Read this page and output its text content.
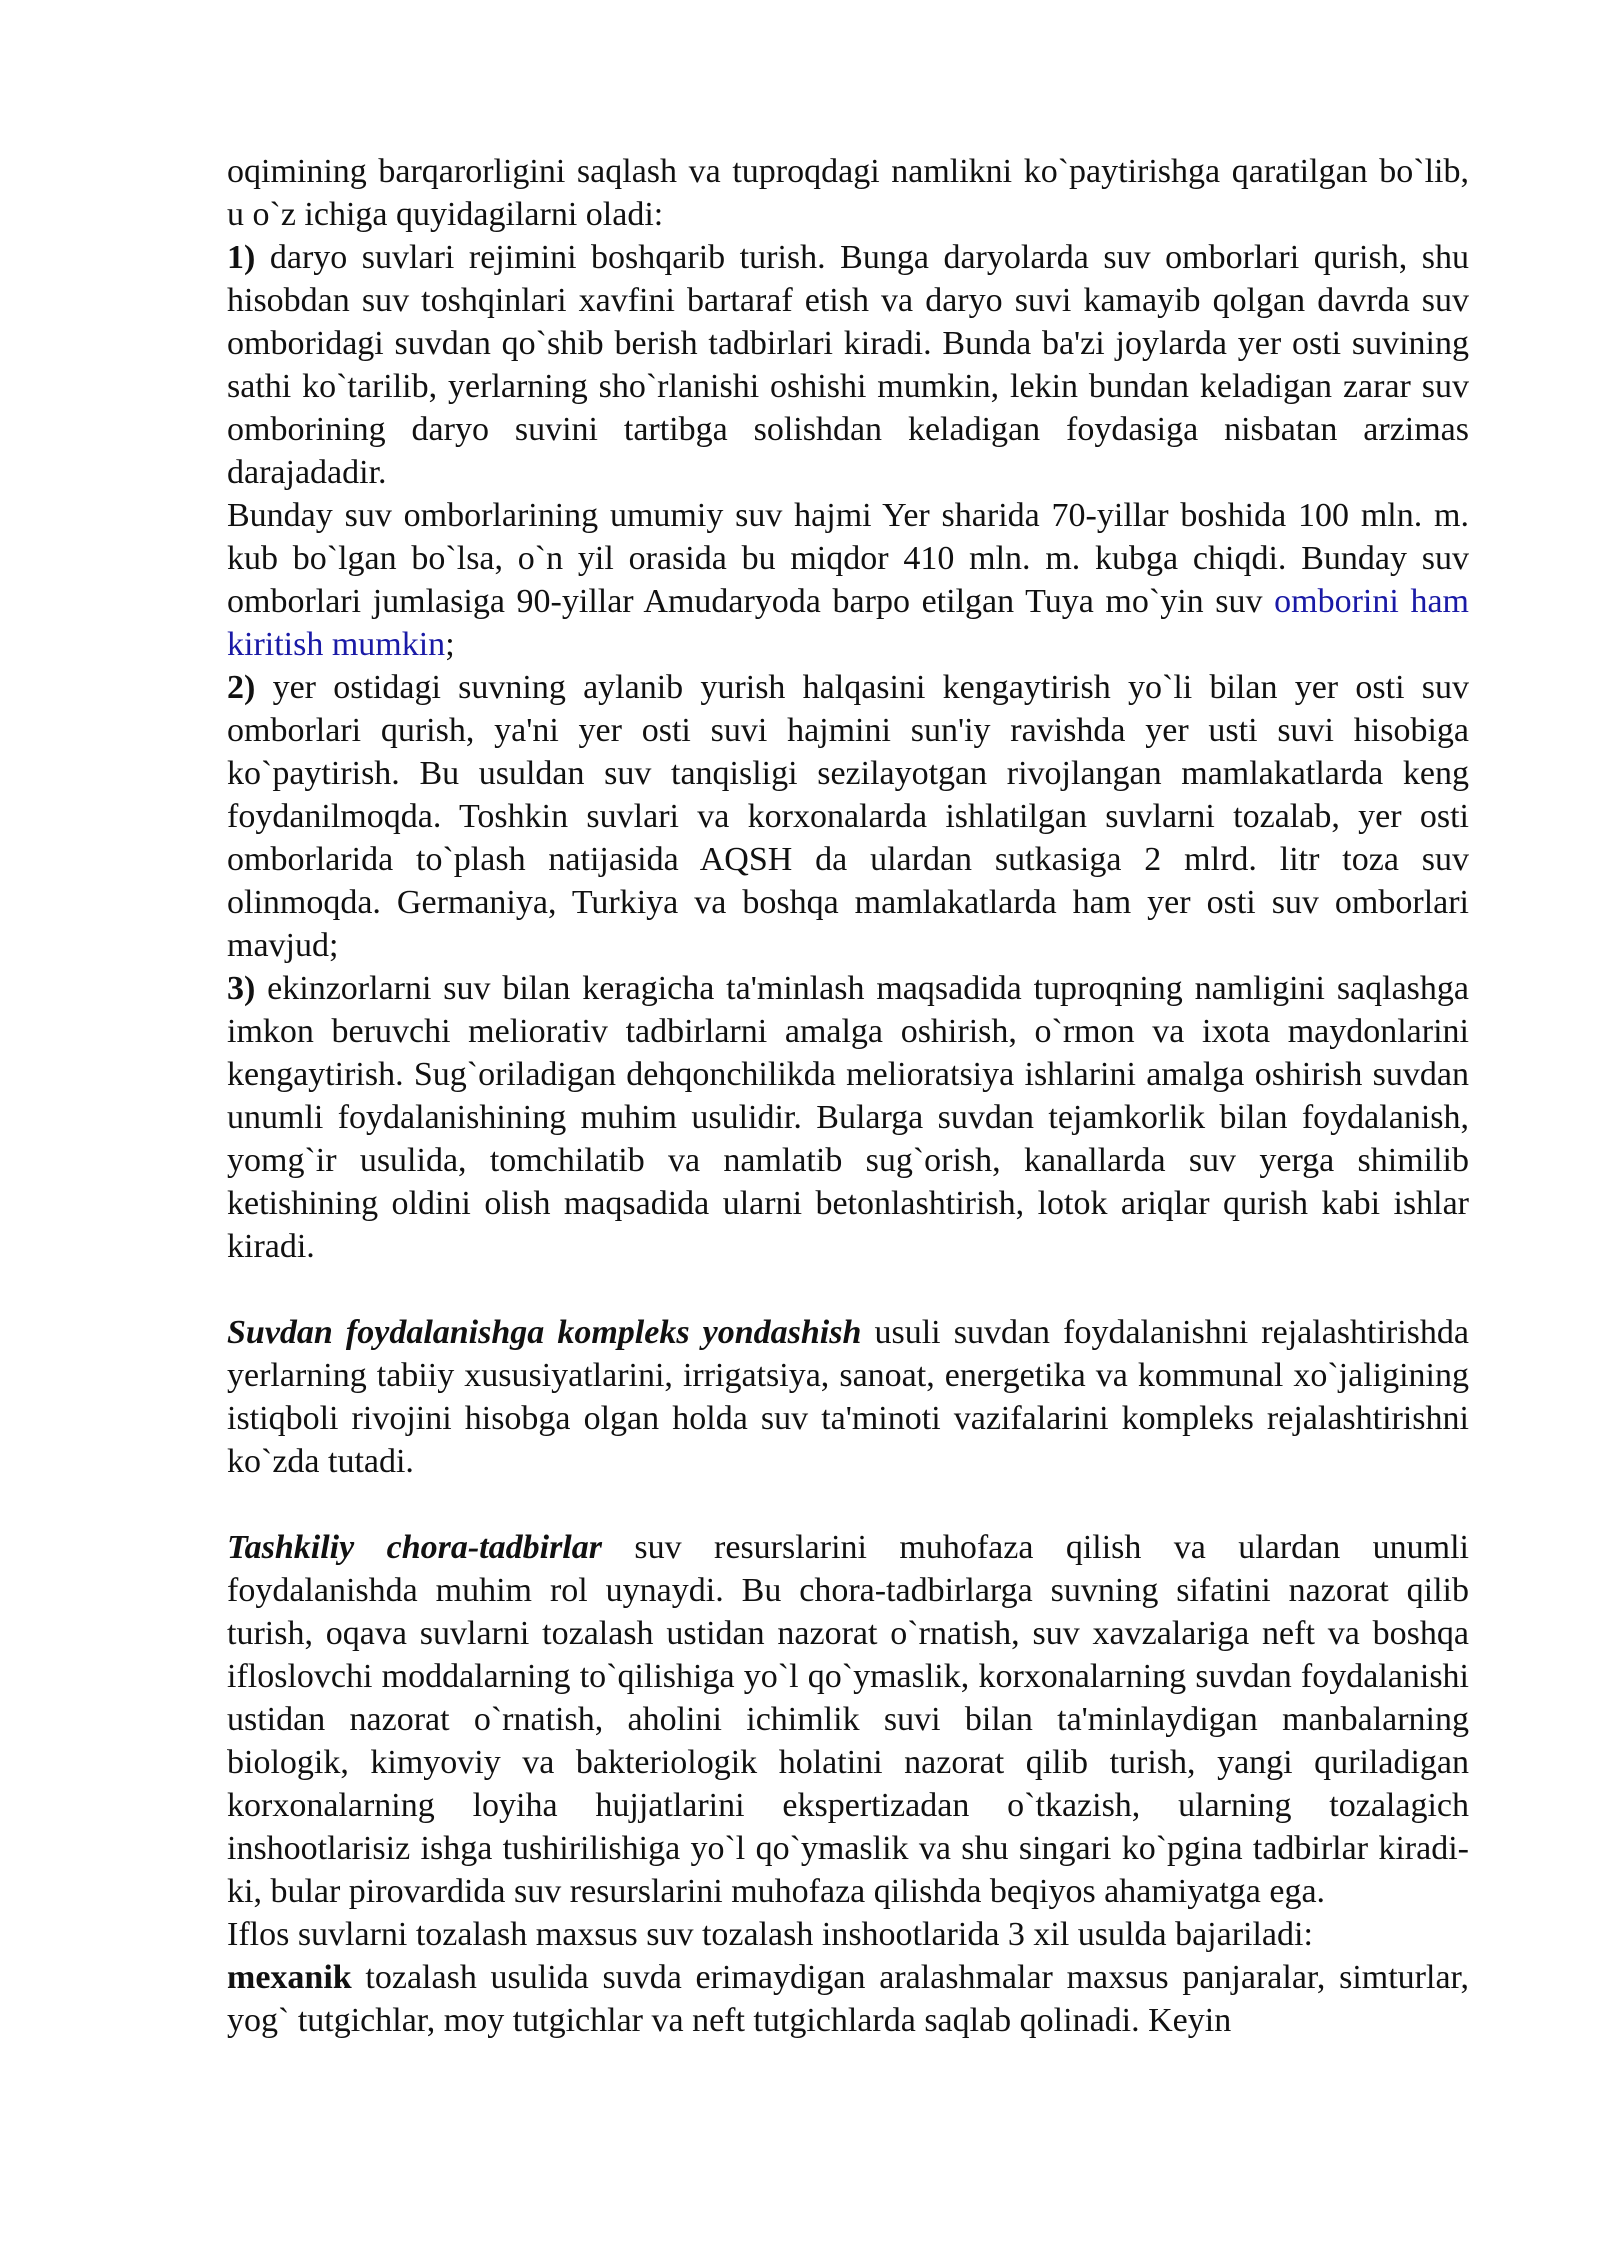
oqimining barqarorligini saqlash va tuproqdagi namlikni ko`paytirishga qaratilgan bo`lib, u o`z ichiga quyidagilarni oladi:

1) daryo suvlari rejimini boshqarib turish. Bunga daryolarda suv omborlari qurish, shu hisobdan suv toshqinlari xavfini bartaraf etish va daryo suvi kamayib qolgan davrda suv omboridagi suvdan qo`shib berish tadbirlari kiradi. Bunda ba'zi joylarda yer osti suvining sathi ko`tarilib, yerlarning sho`rlanishi oshishi mumkin, lekin bundan keladigan zarar suv omborining daryo suvini tartibga solishdan keladigan foydasiga nisbatan arzimas darajadadir.

Bunday suv omborlarining umumiy suv hajmi Yer sharida 70-yillar boshida 100 mln. m. kub bo`lgan bo`lsa, o`n yil orasida bu miqdor 410 mln. m. kubga chiqdi. Bunday suv omborlari jumlasiga 90-yillar Amudaryoda barpo etilgan Tuya mo`yin suv omborini ham kiritish mumkin;

2) yer ostidagi suvning aylanib yurish halqasini kengaytirish yo`li bilan yer osti suv omborlari qurish, ya'ni yer osti suvi hajmini sun'iy ravishda yer usti suvi hisobiga ko`paytirish. Bu usuldan suv tanqisligi sezilayotgan rivojlangan mamlakatlarda keng foydanilmoqda. Toshkin suvlari va korxonalarda ishlatilgan suvlarni tozalab, yer osti omborlarida to`plash natijasida AQSH da ulardan sutkasiga 2 mlrd. litr toza suv olinmoqda. Germaniya, Turkiya va boshqa mamlakatlarda ham yer osti suv omborlari mavjud;

3) ekinzorlarni suv bilan keragicha ta'minlash maqsadida tuproqning namligini saqlashga imkon beruvchi meliorativ tadbirlarni amalga oshirish, o`rmon va ixota maydonlarini kengaytirish. Sug`oriladigan dehqonchilikda melioratsiya ishlarini amalga oshirish suvdan unumli foydalanishining muhim usulidir. Bularga suvdan tejamkorlik bilan foydalanish, yomg`ir usulida, tomchilatib va namlatib sug`orish, kanallarda suv yerga shimilib ketishining oldini olish maqsadida ularni betonlashtirish, lotok ariqlar qurish kabi ishlar kiradi.

Suvdan foydalanishga kompleks yondashish usuli suvdan foydalanishni rejalashtirishda yerlarning tabiiy xususiyatlarini, irrigatsiya, sanoat, energetika va kommunal xo`jaligining istiqboli rivojini hisobga olgan holda suv ta'minoti vazifalarini kompleks rejalashtirishni ko`zda tutadi.

Tashkiliy chora-tadbirlar suv resurslarini muhofaza qilish va ulardan unumli foydalanishda muhim rol uynaydi. Bu chora-tadbirlarga suvning sifatini nazorat qilib turish, oqava suvlarni tozalash ustidan nazorat o`rnatish, suv xavzalariga neft va boshqa ifloslovchi moddalarning to`qilishiga yo`l qo`ymaslik, korxonalarning suvdan foydalanishi ustidan nazorat o`rnatish, aholini ichimlik suvi bilan ta'minlaydigan manbalarning biologik, kimyoviy va bakteriologik holatini nazorat qilib turish, yangi quriladigan korxonalarning loyiha hujjatlarini ekspertizadan o`tkazish, ularning tozalagich inshootlarisiz ishga tushirilishiga yo`l qo`ymaslik va shu singari ko`pgina tadbirlar kiradi-ki, bular pirovardida suv resurslarini muhofaza qilishda beqiyos ahamiyatga ega.

Iflos suvlarni tozalash maxsus suv tozalash inshootlarida 3 xil usulda bajariladi:

mexanik tozalash usulida suvda erimaydigan aralashmalar maxsus panjaralar, simturlar, yog` tutgichlar, moy tutgichlar va neft tutgichlarda saqlab qolinadi. Keyin
